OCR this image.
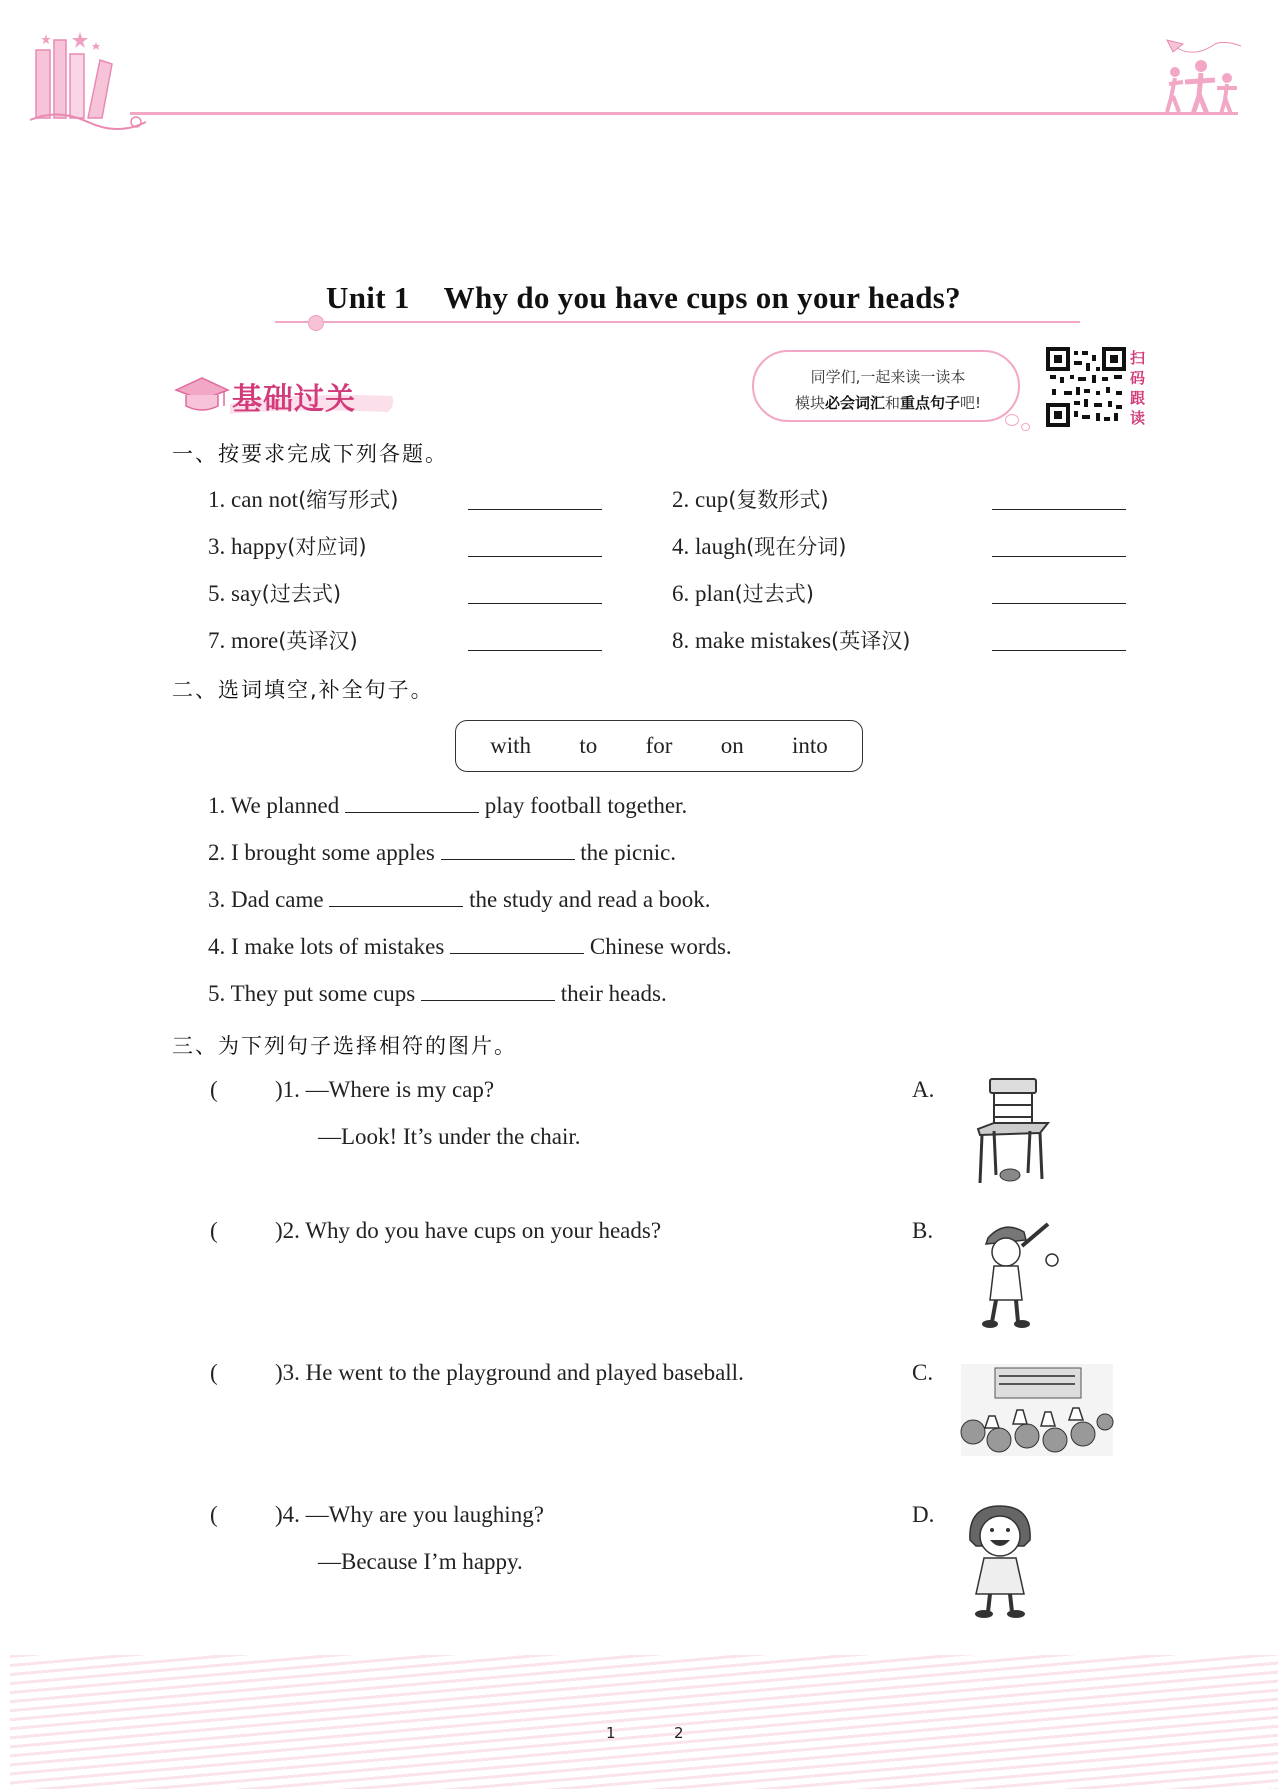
Unit 1 Why do you have cups on your heads?
基础过关
同学们,一起来读一读本
模块必会词汇和重点句子吧!
扫码跟读
一、按要求完成下列各题。
1. can not(缩写形式)	2. cup(复数形式)
3. happy(对应词)	4. laugh(现在分词)
5. say(过去式)	6. plan(过去式)
7. more(英译汉)	8. make mistakes(英译汉)
二、选词填空,补全句子。
with to for on into
1. We planned	play football together.
2. I brought some apples	the picnic.
3. Dad came	the study and read a book.
4. I make lots of mistakes	Chinese words.
5. They put some cups	their heads.
三、为下列句子选择相符的图片。
( )1. —Where is my cap?
—Look! It’s under the chair.
A.
( )2. Why do you have cups on your heads?	B.
( )3. He went to the playground and played baseball.	C.
( )4. —Why are you laughing?
—Because I’m happy.
D.
1	2
